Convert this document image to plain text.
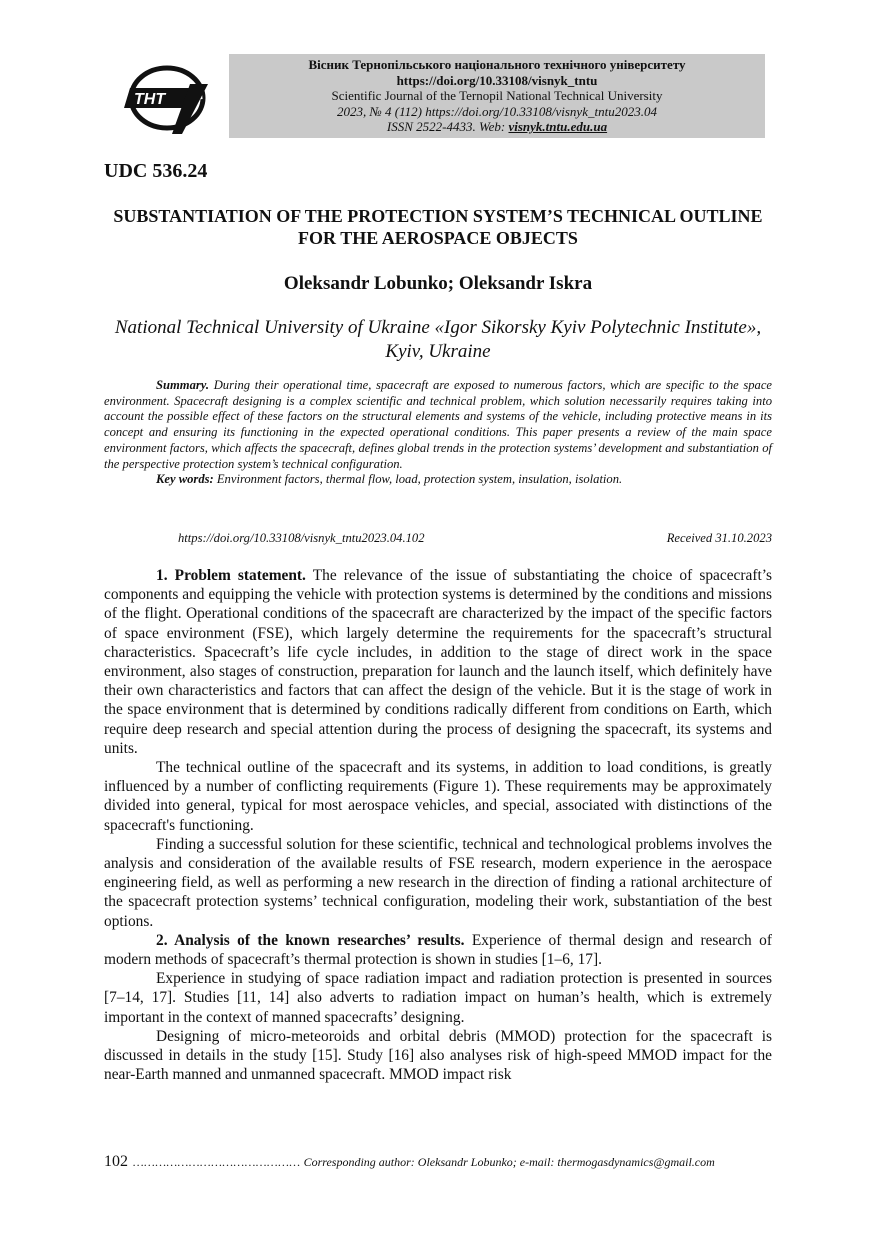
ТНТ
Вісник Тернопільського національного технічного університету
https://doi.org/10.33108/visnyk_tntu
Scientific Journal of the Ternopil National Technical University
2023, № 4 (112) https://doi.org/10.33108/visnyk_tntu2023.04
ISSN 2522-4433. Web: visnyk.tntu.edu.ua
UDC 536.24
SUBSTANTIATION OF THE PROTECTION SYSTEM’S TECHNICAL OUTLINE FOR THE AEROSPACE OBJECTS
Oleksandr Lobunko; Oleksandr Iskra
National Technical University of Ukraine «Igor Sikorsky Kyiv Polytechnic Institute», Kyiv, Ukraine

Summary. During their operational time, spacecraft are exposed to numerous factors, which are specific to the space environment. Spacecraft designing is a complex scientific and technical problem, which solution necessarily requires taking into account the possible effect of these factors on the structural elements and systems of the vehicle, including protective means in its concept and ensuring its functioning in the expected operational conditions. This paper presents a review of the main space environment factors, which affects the spacecraft, defines global trends in the protection systems’ development and substantiation of the perspective protection system’s technical configuration.

Key words: Environment factors, thermal flow, load, protection system, insulation, isolation.

https://doi.org/10.33108/visnyk_tntu2023.04.102	Received 31.10.2023

1. Problem statement. The relevance of the issue of substantiating the choice of spacecraft’s components and equipping the vehicle with protection systems is determined by the conditions and missions of the flight. Operational conditions of the spacecraft are characterized by the impact of the specific factors of space environment (FSE), which largely determine the requirements for the spacecraft’s structural characteristics. Spacecraft’s life cycle includes, in addition to the stage of direct work in the space environment, also stages of construction, preparation for launch and the launch itself, which definitely have their own characteristics and factors that can affect the design of the vehicle. But it is the stage of work in the space environment that is determined by conditions radically different from conditions on Earth, which require deep research and special attention during the process of designing the spacecraft, its systems and units.

The technical outline of the spacecraft and its systems, in addition to load conditions, is greatly influenced by a number of conflicting requirements (Figure 1). These requirements may be approximately divided into general, typical for most aerospace vehicles, and special, associated with distinctions of the spacecraft's functioning.

Finding a successful solution for these scientific, technical and technological problems involves the analysis and consideration of the available results of FSE research, modern experience in the aerospace engineering field, as well as performing a new research in the direction of finding a rational architecture of the spacecraft protection systems’ technical configuration, modeling their work, substantiation of the best options.

2. Analysis of the known researches’ results. Experience of thermal design and research of modern methods of spacecraft’s thermal protection is shown in studies [1–6, 17].

Experience in studying of space radiation impact and radiation protection is presented in sources [7–14, 17]. Studies [11, 14] also adverts to radiation impact on human’s health, which is extremely important in the context of manned spacecrafts’ designing.

Designing of micro-meteoroids and orbital debris (MMOD) protection for the spacecraft is discussed in details in the study [15]. Study [16] also analyses risk of high-speed MMOD impact for the near-Earth manned and unmanned spacecraft. MMOD impact risk

102 ……………………………………… Corresponding author: Oleksandr Lobunko; e-mail: thermogasdynamics@gmail.com
